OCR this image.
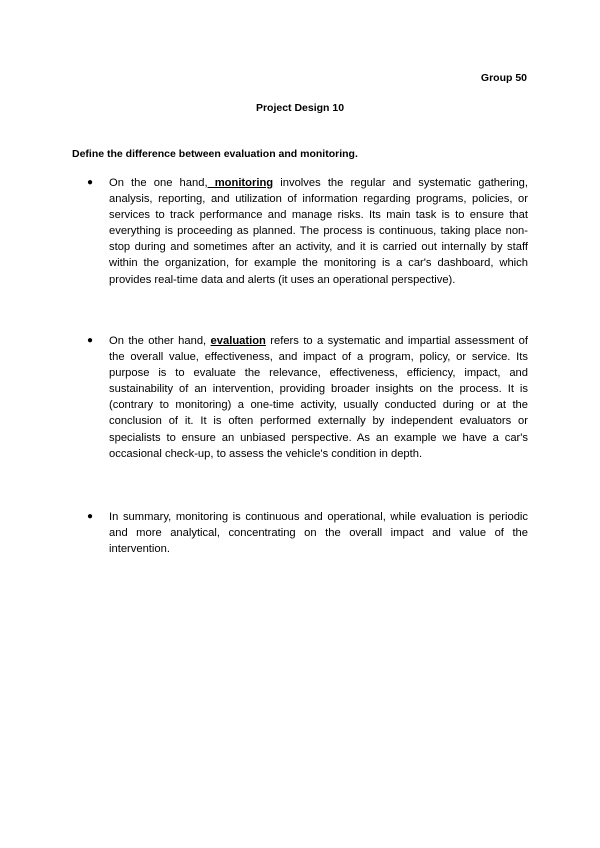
Group 50
Project Design 10
Define the difference between evaluation and monitoring.
● On the one hand, monitoring involves the regular and systematic gathering, analysis, reporting, and utilization of information regarding programs, policies, or services to track performance and manage risks. Its main task is to ensure that everything is proceeding as planned. The process is continuous, taking place non-stop during and sometimes after an activity, and it is carried out internally by staff within the organization, for example the monitoring is a car's dashboard, which provides real-time data and alerts (it uses an operational perspective).
● On the other hand, evaluation refers to a systematic and impartial assessment of the overall value, effectiveness, and impact of a program, policy, or service. Its purpose is to evaluate the relevance, effectiveness, efficiency, impact, and sustainability of an intervention, providing broader insights on the process. It is (contrary to monitoring) a one-time activity, usually conducted during or at the conclusion of it. It is often performed externally by independent evaluators or specialists to ensure an unbiased perspective. As an example we have a car's occasional check-up, to assess the vehicle's condition in depth.
● In summary, monitoring is continuous and operational, while evaluation is periodic and more analytical, concentrating on the overall impact and value of the intervention.
